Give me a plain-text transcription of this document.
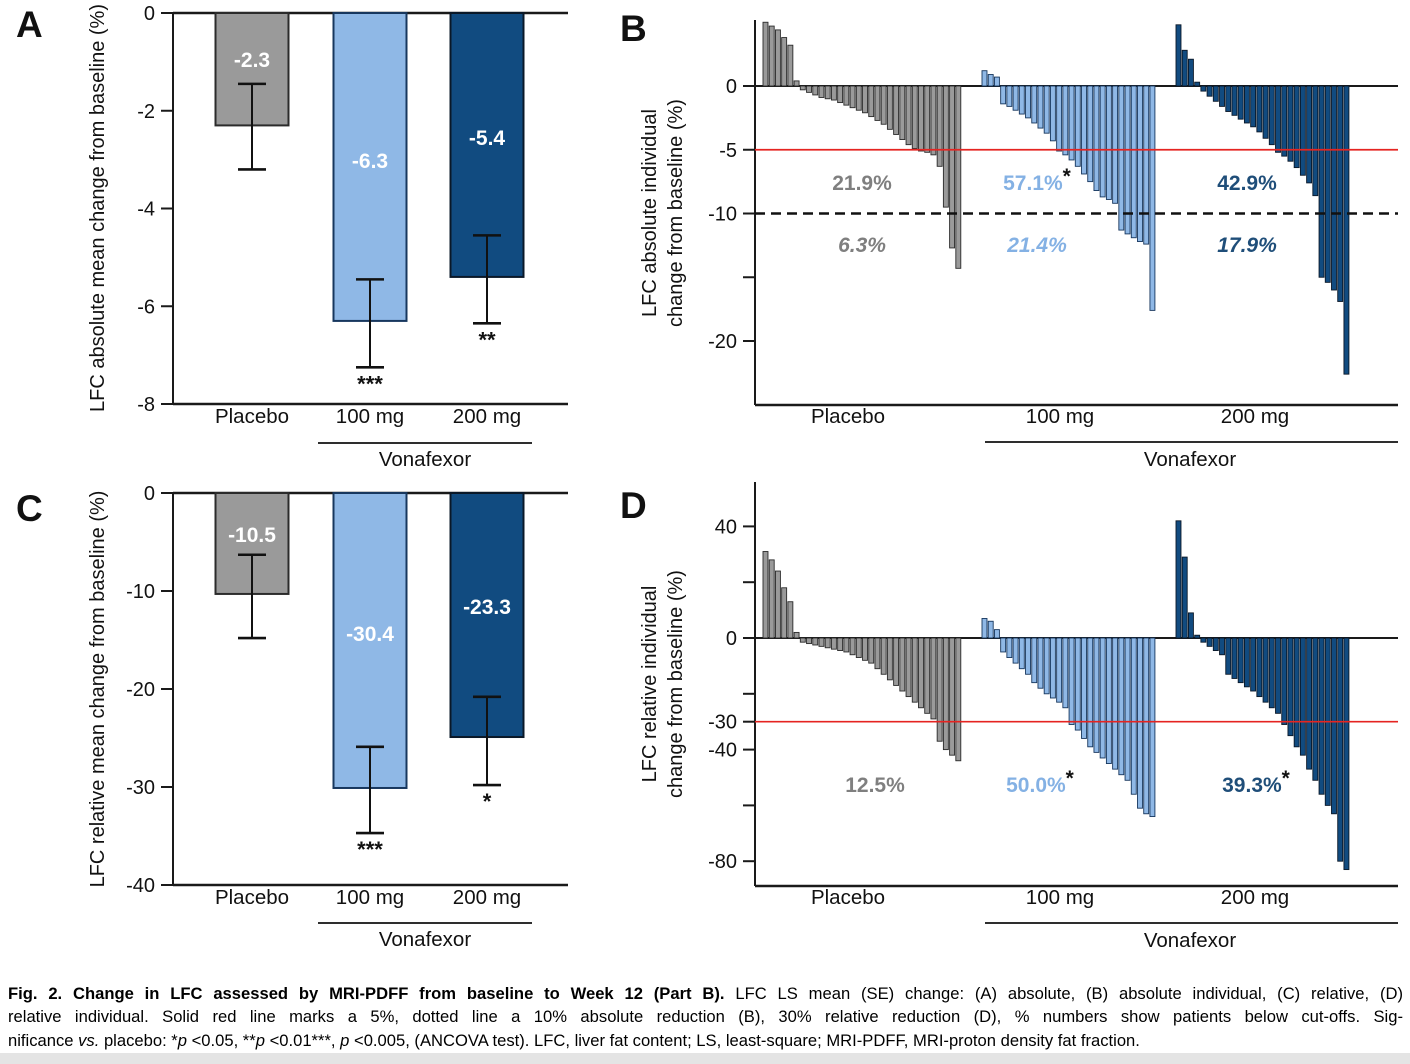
A	B
C	D
0
-2
-4
-6
-8
-2.3
Placebo
-6.3
***
100 mg
-5.4
**
200 mg
Vonafexor
LFC absolute mean change from baseline (%)
0
-10
-20
-30
-40
-10.5
Placebo
-30.4
***
100 mg
-23.3
*
200 mg
Vonafexor
LFC relative mean change from baseline (%)
0
-5
-10
-20
21.9%	57.1%*	42.9%
6.3%	21.4%	17.9%
Placebo	100 mg	200 mg
Vonafexor
LFC absolute individual change from baseline (%)
40
0
-30
-40
-80
12.5%	50.0%*	39.3%*
Placebo	100 mg	200 mg
Vonafexor
LFC relative individual change from baseline (%)
Fig. 2. Change in LFC assessed by MRI-PDFF from baseline to Week 12 (Part B). LFC LS mean (SE) change: (A) absolute, (B) absolute individual, (C) relative, (D)
relative individual. Solid red line marks a 5%, dotted line a 10% absolute reduction (B), 30% relative reduction (D), % numbers show patients below cut-offs. Sig-
nificance vs. placebo: *p <0.05, **p <0.01***, p <0.005, (ANCOVA test). LFC, liver fat content; LS, least-square; MRI-PDFF, MRI-proton density fat fraction.
